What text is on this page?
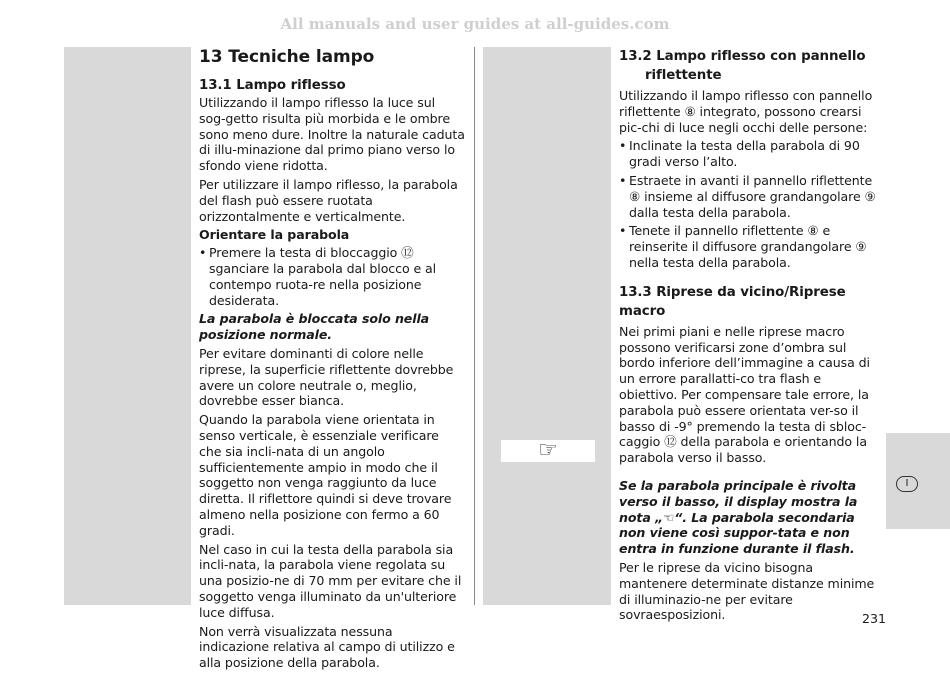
All manuals and user guides at all-guides.com
13 Tecniche lampo
13.1 Lampo riflesso

Utilizzando il lampo riflesso la luce sul sog-getto risulta più morbida e le ombre sono meno dure. Inoltre la naturale caduta di illu-minazione dal primo piano verso lo sfondo viene ridotta.

Per utilizzare il lampo riflesso, la parabola del flash può essere ruotata orizzontalmente e verticalmente.

Orientare la parabola
• Premere la testa di bloccaggio ⑫ sganciare la parabola dal blocco e al contempo ruota-re nella posizione desiderata.

La parabola è bloccata solo nella posizione normale.

Per evitare dominanti di colore nelle riprese, la superficie riflettente dovrebbe avere un colore neutrale o, meglio, dovrebbe esser bianca.

Quando la parabola viene orientata in senso verticale, è essenziale verificare che sia incli-nata di un angolo sufficientemente ampio in modo che il soggetto non venga raggiunto da luce diretta. Il riflettore quindi si deve trovare almeno nella posizione con fermo a 60 gradi.

Nel caso in cui la testa della parabola sia incli-nata, la parabola viene regolata su una posizio-ne di 70 mm per evitare che il soggetto venga illuminato da un'ulteriore luce diffusa.

Non verrà visualizzata nessuna indicazione relativa al campo di utilizzo e alla posizione della parabola.

13.2 Lampo riflesso con pannello riflettente

Utilizzando il lampo riflesso con pannello riflettente ⑧ integrato, possono crearsi pic-chi di luce negli occhi delle persone:

• Inclinate la testa della parabola di 90 gradi verso l’alto.
• Estraete in avanti il pannello riflettente ⑧ insieme al diffusore grandangolare ⑨ dalla testa della parabola.
• Tenete il pannello riflettente ⑧ e reinserite il diffusore grandangolare ⑨ nella testa della parabola.
13.3 Riprese da vicino/Riprese macro

Nei primi piani e nelle riprese macro possono verificarsi zone d’ombra sul bordo inferiore dell’immagine a causa di un errore parallatti-co tra flash e obiettivo. Per compensare tale errore, la parabola può essere orientata ver-so il basso di -9° premendo la testa di sbloc-caggio ⑫ della parabola e orientando la parabola verso il basso.

Se la parabola principale è rivolta verso il basso, il display mostra la nota „☜“. La parabola secondaria non viene così suppor-tata e non entra in funzione durante il flash.

Per le riprese da vicino bisogna mantenere determinate distanze minime di illuminazio-ne per evitare sovraesposizioni.

☞
I
231
